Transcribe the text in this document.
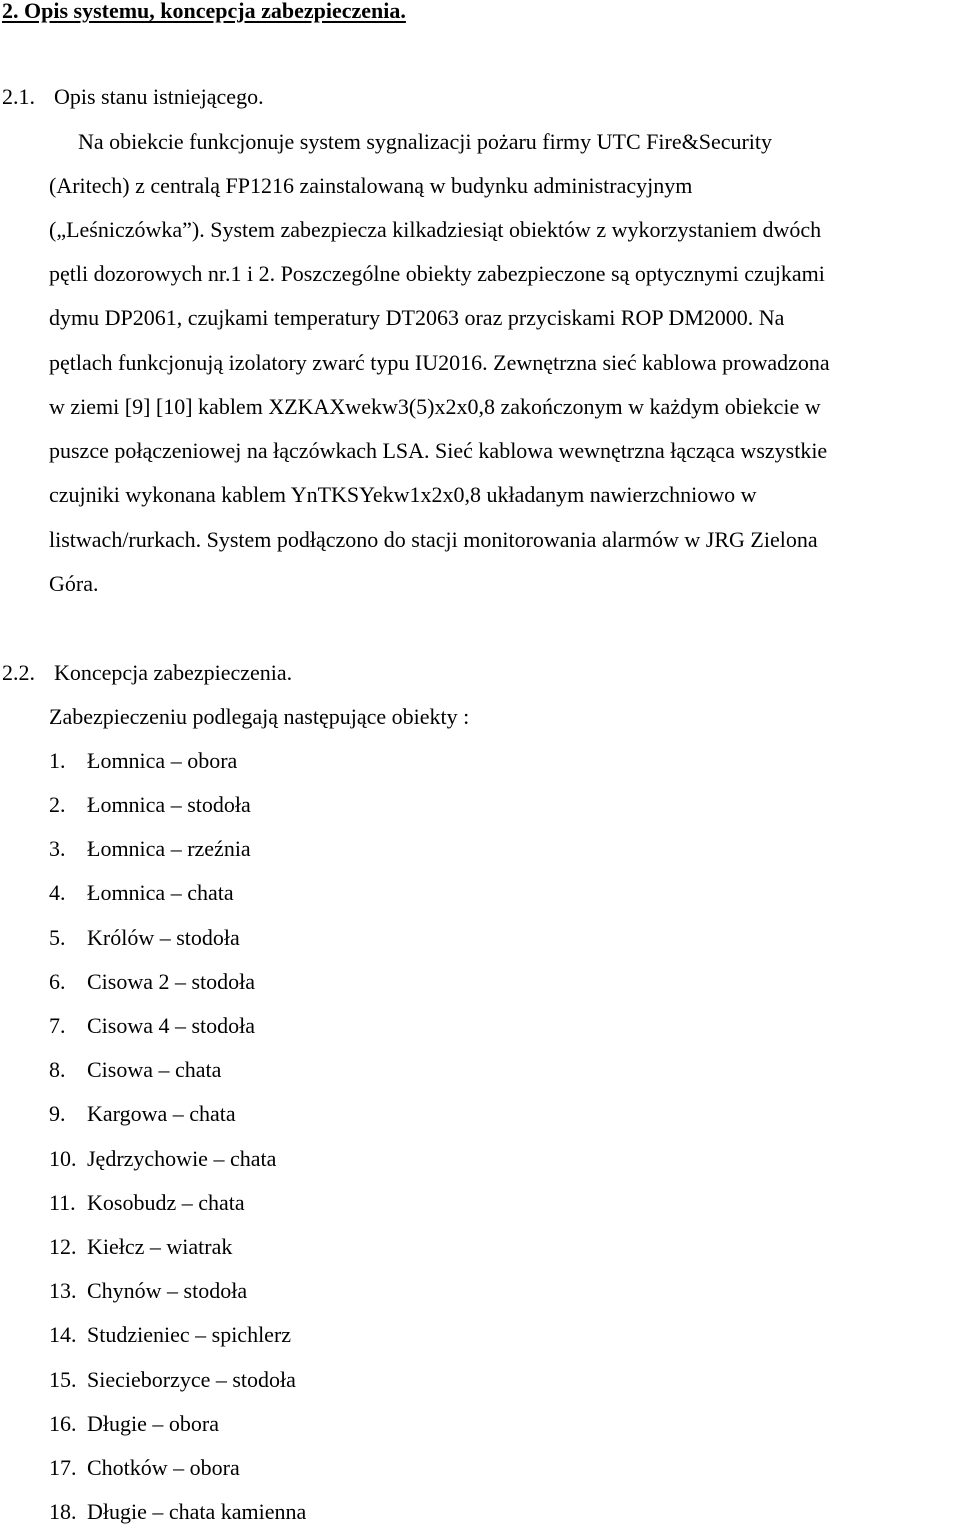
2. Opis systemu, koncepcja zabezpieczenia.
2.1. Opis stanu istniejącego.
Na obiekcie funkcjonuje system sygnalizacji pożaru firmy UTC Fire&Security
(Aritech) z centralą FP1216 zainstalowaną w budynku administracyjnym
(„Leśniczówka”). System zabezpiecza kilkadziesiąt obiektów z wykorzystaniem dwóch
pętli dozorowych nr.1 i 2. Poszczególne obiekty zabezpieczone są optycznymi czujkami
dymu DP2061, czujkami temperatury DT2063 oraz przyciskami ROP DM2000. Na
pętlach funkcjonują izolatory zwarć typu IU2016. Zewnętrzna sieć kablowa prowadzona
w ziemi [9] [10] kablem XZKAXwekw3(5)x2x0,8 zakończonym w każdym obiekcie w
puszce połączeniowej na łączówkach LSA. Sieć kablowa wewnętrzna łącząca wszystkie
czujniki wykonana kablem YnTKSYekw1x2x0,8 układanym nawierzchniowo w
listwach/rurkach. System podłączono do stacji monitorowania alarmów w JRG Zielona
Góra.
2.2. Koncepcja zabezpieczenia.
Zabezpieczeniu podlegają następujące obiekty :
1. Łomnica – obora
2. Łomnica – stodoła
3. Łomnica – rzeźnia
4. Łomnica – chata
5. Królów – stodoła
6. Cisowa 2 – stodoła
7. Cisowa 4 – stodoła
8. Cisowa – chata
9. Kargowa – chata
10. Jędrzychowie – chata
11. Kosobudz – chata
12. Kiełcz – wiatrak
13. Chynów – stodoła
14. Studzieniec – spichlerz
15. Siecieborzyce – stodoła
16. Długie – obora
17. Chotków – obora
18. Długie – chata kamienna
